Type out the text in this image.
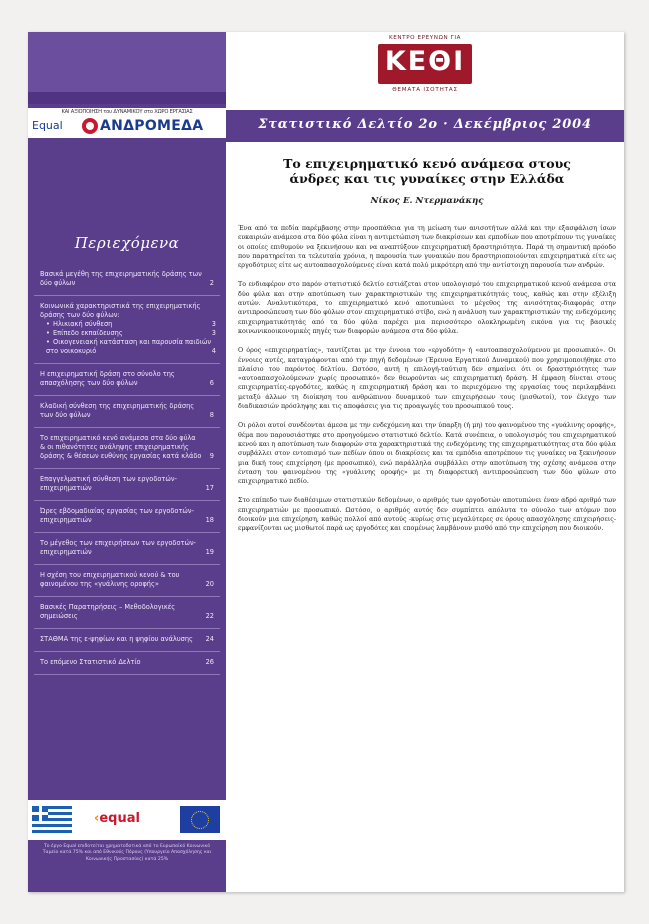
ΚΑΙ ΑΞΙΟΠΟΙΗΣΗ του ΔΥΝΑΜΙΚΟΥ στο ΧΩΡΟ ΕΡΓΑΣΙΑΣ
Equal	ΑΝΔΡΟΜΕΔΑ
Περιεχόμενα
Βασικά μεγέθη της επιχειρηματικής δράσης των δύο φύλων	2
Κοινωνικά χαρακτηριστικά της επιχειρηματικής δράσης των δύο φύλων:
• Ηλικιακή σύνθεση	3
• Επίπεδο εκπαίδευσης	3
• Οικογενειακή κατάσταση και παρουσία παιδιών στο νοικοκυριό	4
Η επιχειρηματική δράση στο σύνολο της απασχόλησης των δύο φύλων	6
Κλαδική σύνθεση της επιχειρηματικής δράσης των δύο φύλων	8
Το επιχειρηματικό κενό ανάμεσα στα δύο φύλα & οι πιθανότητες ανάληψης επιχειρηματικής δράσης & θέσεων ευθύνης εργασίας κατά κλάδο	9
Επαγγελματική σύνθεση των εργοδοτών-επιχειρηματιών	17
Ώρες εβδομαδιαίας εργασίας των εργοδοτών-επιχειρηματιών	18
Το μέγεθος των επιχειρήσεων των εργοδοτών-επιχειρηματιών	19
Η σχέση του επιχειρηματικού κενού & του φαινομένου της «γυάλινης οροφής»	20
Βασικές Παρατηρήσεις – Μεθοδολογικές σημειώσεις	22
ΣΤΑΘΜΑ της ε-ψηφίων και η ψηφίου ανάλυσης	24
Το επόμενο Στατιστικό Δελτίο	26
‹equal
Το έργο Equal επιδοτείται χρηματοδοτικά από το Ευρωπαϊκό Κοινωνικό Ταμείο κατά 75% και από Εθνικούς Πόρους (Υπουργείο Απασχόλησης και Κοινωνικής Προστασίας) κατά 25%
ΚΕΝΤΡΟ ΕΡΕΥΝΩΝ ΓΙΑ
ΚΕΘΙ
ΘΕΜΑΤΑ ΙΣΟΤΗΤΑΣ
Στατιστικό Δελτίο 2ο · Δεκέμβριος 2004
Το επιχειρηματικό κενό ανάμεσα στους
άνδρες και τις γυναίκες στην Ελλάδα
Νίκος Ε. Ντερμανάκης

Ένα από τα πεδία παρέμβασης στην προσπάθεια για τη μείωση των ανισοτήτων αλλά και την εξασφάλιση ίσων ευκαιριών ανάμεσα στα δύο φύλα είναι η αντιμετώπιση των διακρίσεων και εμποδίων που αποτρέπουν τις γυναίκες οι οποίες επιθυμούν να ξεκινήσουν και να αναπτύξουν επιχειρηματική δραστηριότητα. Παρά τη σημαντική πρόοδο που παρατηρείται τα τελευταία χρόνια, η παρουσία των γυναικών που δραστηριοποιούνται επιχειρηματικά είτε ως εργοδότριες είτε ως αυτοαπασχολούμενες είναι κατά πολύ μικρότερη από την αντίστοιχη παρουσία των ανδρών.

Το ενδιαφέρον στο παρόν στατιστικό δελτίο εστιάζεται στον υπολογισμό του επιχειρηματικού κενού ανάμεσα στα δύο φύλα και στην αποτύπωση των χαρακτηριστικών της επιχειρηματικότητάς τους, καθώς και στην εξέλιξη αυτών. Αναλυτικότερα, το επιχειρηματικό κενό αποτυπώνει το μέγεθος της ανισότητας-διαφοράς στην αντιπροσώπευση των δύο φύλων στον επιχειρηματικό στίβο, ενώ η ανάλυση των χαρακτηριστικών της ενδεχόμενης επιχειρηματικότητάς από τα δύο φύλα παρέχει μια περισσότερο ολοκληρωμένη εικόνα για τις βασικές κοινωνικοοικονομικές πηγές των διαφορών ανάμεσα στα δύο φύλα.

Ο όρος «επιχειρηματίας», ταυτίζεται με την έννοια του «εργοδότη» ή «αυτοαπασχολούμενου με προσωπικό». Οι έννοιες αυτές, καταγράφονται από την πηγή δεδομένων (Έρευνα Εργατικού Δυναμικού) που χρησιμοποιήθηκε στο πλαίσιο του παρόντος δελτίου. Ωστόσο, αυτή η επιλογή-ταύτιση δεν σημαίνει ότι οι δραστηριότητες των «αυτοαπασχολούμενων χωρίς προσωπικό» δεν θεωρούνται ως επιχειρηματική δράση. Η έμφαση δίνεται στους επιχειρηματίες-εργοδότες, καθώς η επιχειρηματική δράση και το περιεχόμενο της εργασίας τους περιλαμβάνει μεταξύ άλλων τη διοίκηση του ανθρώπινου δυναμικού των επιχειρήσεων τους (μισθωτοί), τον έλεγχο των διαδικασιών πρόσληψης και τις αποφάσεις για τις προαγωγές του προσωπικού τους.

Οι ρόλοι αυτοί συνδέονται άμεσα με την ενδεχόμενη και την ύπαρξη (ή μη) του φαινομένου της «γυάλινης οροφής», θέμα που παρουσιάστηκε στο προηγούμενο στατιστικό δελτίο. Κατά συνέπεια, ο υπολογισμός του επιχειρηματικού κενού και η αποτύπωση των διαφορών στα χαρακτηριστικά της ενδεχόμενης της επιχειρηματικότητας στα δύο φύλα συμβάλλει στον εντοπισμό των πεδίων όπου οι διακρίσεις και τα εμπόδια αποτρέπουν τις γυναίκες να ξεκινήσουν μια δική τους επιχείρηση (με προσωπικό), ενώ παράλληλα συμβάλλει στην αποτύπωση της σχέσης ανάμεσα στην ένταση του φαινομένου της «γυάλινης οροφής» με τη διαφορετική αντιπροσώπευση των δύο φύλων στο επιχειρηματικό πεδίο.

Στο επίπεδο των διαθέσιμων στατιστικών δεδομένων, ο αριθμός των εργοδοτών αποτυπώνει έναν αδρό αριθμό των επιχειρηματιών με προσωπικό. Ωστόσο, ο αριθμός αυτός δεν συμπίπτει απόλυτα το σύνολο των ατόμων που διοικούν μια επιχείρηση, καθώς πολλοί από αυτούς -κυρίως στις μεγαλύτερες σε όρους απασχόλησης επιχειρήσεις- εμφανίζονται ως μισθωτοί παρά ως εργοδότες και επομένως λαμβάνουν μισθό από την επιχείρηση που διοικούν.
